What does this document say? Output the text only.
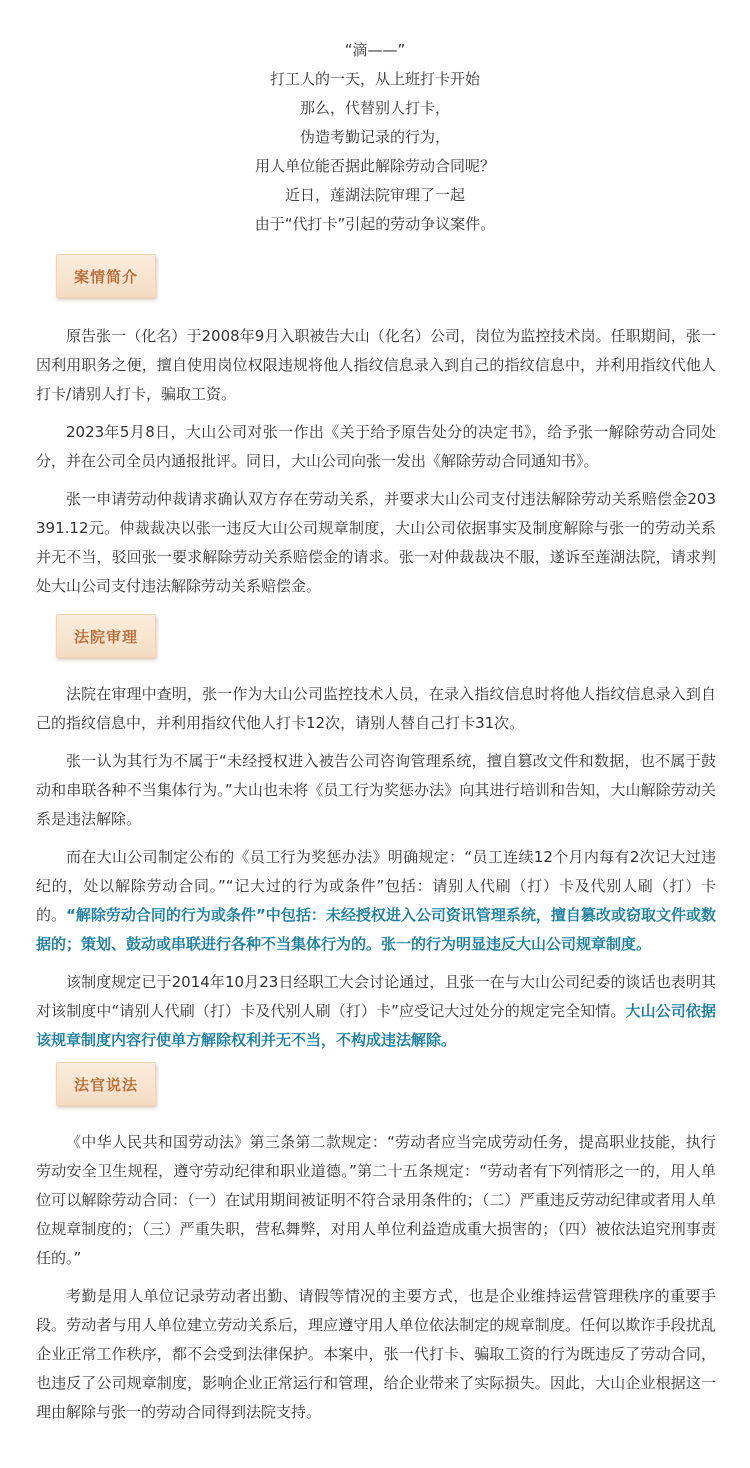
“滴——”
打工人的一天，从上班打卡开始
那么，代替别人打卡，
伪造考勤记录的行为，
用人单位能否据此解除劳动合同呢？
近日，莲湖法院审理了一起
由于“代打卡”引起的劳动争议案件。
案情简介

原告张一（化名）于2008年9月入职被告大山（化名）公司，岗位为监控技术岗。任职期间，张一因利用职务之便，擅自使用岗位权限违规将他人指纹信息录入到自己的指纹信息中，并利用指纹代他人打卡/请别人打卡，骗取工资。

2023年5月8日，大山公司对张一作出《关于给予原告处分的决定书》，给予张一解除劳动合同处分，并在公司全员内通报批评。同日，大山公司向张一发出《解除劳动合同通知书》。

张一申请劳动仲裁请求确认双方存在劳动关系，并要求大山公司支付违法解除劳动关系赔偿金203391.12元。仲裁裁决以张一违反大山公司规章制度，大山公司依据事实及制度解除与张一的劳动关系并无不当，驳回张一要求解除劳动关系赔偿金的请求。张一对仲裁裁决不服，遂诉至莲湖法院，请求判处大山公司支付违法解除劳动关系赔偿金。

法院审理

法院在审理中查明，张一作为大山公司监控技术人员，在录入指纹信息时将他人指纹信息录入到自己的指纹信息中，并利用指纹代他人打卡12次，请别人替自己打卡31次。

张一认为其行为不属于“未经授权进入被告公司咨询管理系统，擅自篡改文件和数据，也不属于鼓动和串联各种不当集体行为。”大山也未将《员工行为奖惩办法》向其进行培训和告知，大山解除劳动关系是违法解除。

而在大山公司制定公布的《员工行为奖惩办法》明确规定：“员工连续12个月内每有2次记大过违纪的，处以解除劳动合同。”“记大过的行为或条件”包括：请别人代刷（打）卡及代别人刷（打）卡的。“解除劳动合同的行为或条件”中包括：未经授权进入公司资讯管理系统，擅自篡改或窃取文件或数据的；策划、鼓动或串联进行各种不当集体行为的。张一的行为明显违反大山公司规章制度。

该制度规定已于2014年10月23日经职工大会讨论通过，且张一在与大山公司纪委的谈话也表明其对该制度中“请别人代刷（打）卡及代别人刷（打）卡”应受记大过处分的规定完全知情。大山公司依据该规章制度内容行使单方解除权利并无不当，不构成违法解除。

法官说法

《中华人民共和国劳动法》第三条第二款规定：“劳动者应当完成劳动任务，提高职业技能，执行劳动安全卫生规程，遵守劳动纪律和职业道德。”第二十五条规定：“劳动者有下列情形之一的，用人单位可以解除劳动合同：（一）在试用期间被证明不符合录用条件的；（二）严重违反劳动纪律或者用人单位规章制度的；（三）严重失职，营私舞弊，对用人单位利益造成重大损害的；（四）被依法追究刑事责任的。”

考勤是用人单位记录劳动者出勤、请假等情况的主要方式，也是企业维持运营管理秩序的重要手段。劳动者与用人单位建立劳动关系后，理应遵守用人单位依法制定的规章制度。任何以欺诈手段扰乱企业正常工作秩序，都不会受到法律保护。本案中，张一代打卡、骗取工资的行为既违反了劳动合同，也违反了公司规章制度，影响企业正常运行和管理，给企业带来了实际损失。因此，大山企业根据这一理由解除与张一的劳动合同得到法院支持。
